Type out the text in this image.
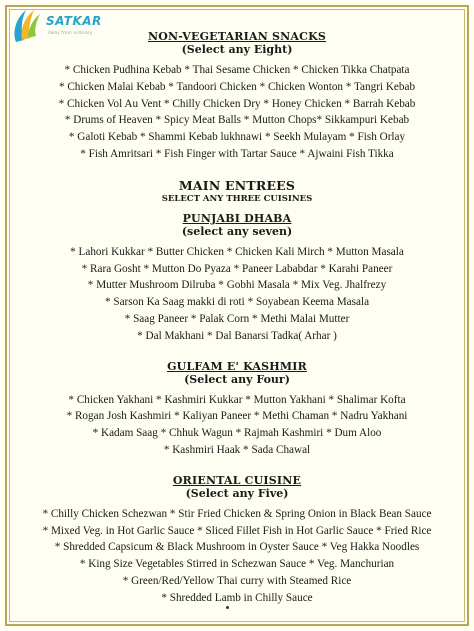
SATKAR
Away from ordinary	NON-VEGETARIAN SNACKS
(Select any Eight)
* Chicken Pudhina Kebab * Thai Sesame Chicken * Chicken Tikka Chatpata
* Chicken Malai Kebab * Tandoori Chicken * Chicken Wonton * Tangri Kebab
* Chicken Vol Au Vent * Chilly Chicken Dry * Honey Chicken * Barrah Kebab
* Drums of Heaven * Spicy Meat Balls * Mutton Chops* Sikkampuri Kebab
* Galoti Kebab * Shammi Kebab lukhnawi * Seekh Mulayam * Fish Orlay
* Fish Amritsari * Fish Finger with Tartar Sauce * Ajwaini Fish Tikka
MAIN ENTREES
SELECT ANY THREE CUISINES
PUNJABI DHABA
(select any seven)
* Lahori Kukkar * Butter Chicken * Chicken Kali Mirch * Mutton Masala
* Rara Gosht * Mutton Do Pyaza * Paneer Lababdar * Karahi Paneer
* Mutter Mushroom Dilruba * Gobhi Masala * Mix Veg. Jhalfrezy
* Sarson Ka Saag makki di roti * Soyabean Keema Masala
* Saag Paneer * Palak Corn * Methi Malai Mutter
* Dal Makhani * Dal Banarsi Tadka( Arhar )
GULFAM E' KASHMIR
(Select any Four)
* Chicken Yakhani * Kashmiri Kukkar * Mutton Yakhani * Shalimar Kofta
* Rogan Josh Kashmiri * Kaliyan Paneer * Methi Chaman * Nadru Yakhani
* Kadam Saag * Chhuk Wagun * Rajmah Kashmiri * Dum Aloo
* Kashmiri Haak * Sada Chawal
ORIENTAL CUISINE
(Select any Five)
* Chilly Chicken Schezwan * Stir Fried Chicken & Spring Onion in Black Bean Sauce
* Mixed Veg. in Hot Garlic Sauce * Sliced Fillet Fish in Hot Garlic Sauce * Fried Rice
* Shredded Capsicum & Black Mushroom in Oyster Sauce * Veg Hakka Noodles
* King Size Vegetables Stirred in Schezwan Sauce * Veg. Manchurian
* Green/Red/Yellow Thai curry with Steamed Rice
* Shredded Lamb in Chilly Sauce
